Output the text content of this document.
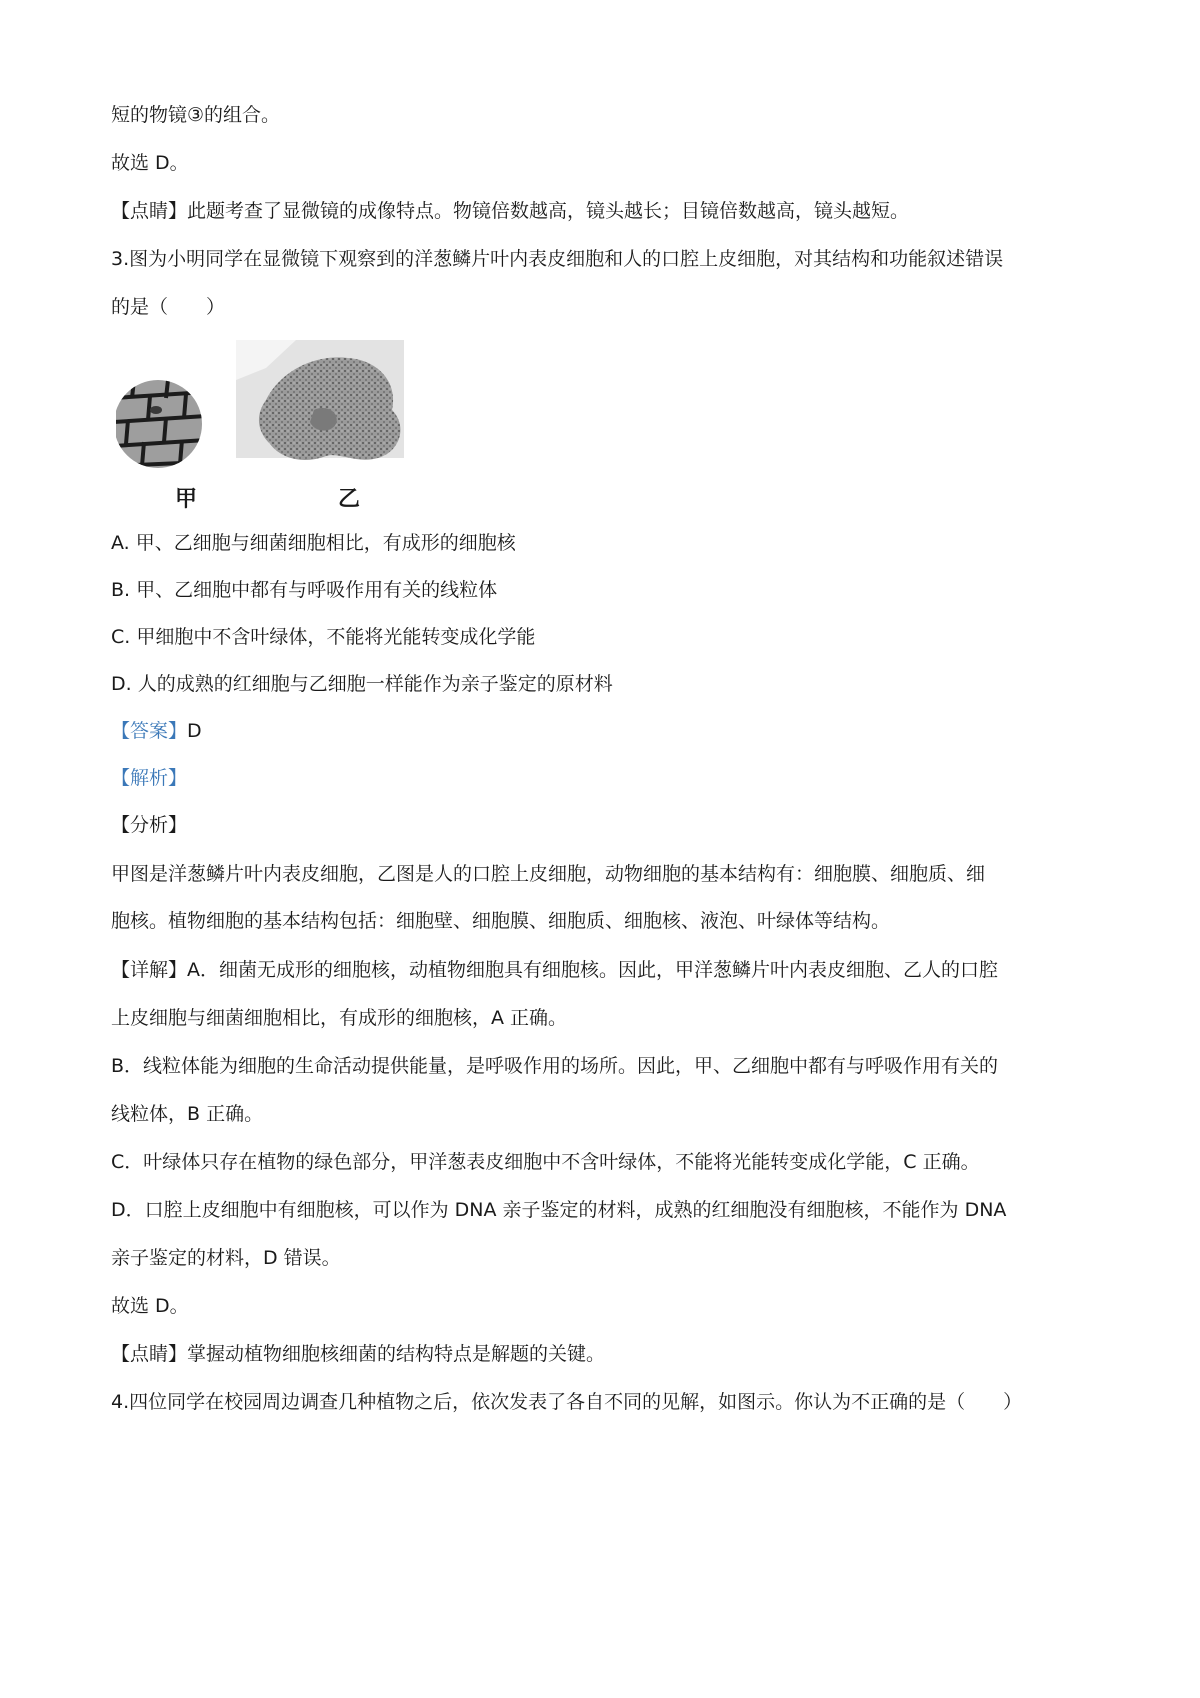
短的物镜③的组合。
故选 D。
【点睛】此题考查了显微镜的成像特点。物镜倍数越高，镜头越长；目镜倍数越高，镜头越短。
3.图为小明同学在显微镜下观察到的洋葱鳞片叶内表皮细胞和人的口腔上皮细胞，对其结构和功能叙述错误
的是（　　）
甲	乙
A. 甲、乙细胞与细菌细胞相比，有成形的细胞核
B. 甲、乙细胞中都有与呼吸作用有关的线粒体
C. 甲细胞中不含叶绿体，不能将光能转变成化学能
D. 人的成熟的红细胞与乙细胞一样能作为亲子鉴定的原材料
【答案】D
【解析】
【分析】
甲图是洋葱鳞片叶内表皮细胞，乙图是人的口腔上皮细胞，动物细胞的基本结构有：细胞膜、细胞质、细
胞核。植物细胞的基本结构包括：细胞壁、细胞膜、细胞质、细胞核、液泡、叶绿体等结构。
【详解】A．细菌无成形的细胞核，动植物细胞具有细胞核。因此，甲洋葱鳞片叶内表皮细胞、乙人的口腔
上皮细胞与细菌细胞相比，有成形的细胞核，A 正确。
B．线粒体能为细胞的生命活动提供能量，是呼吸作用的场所。因此，甲、乙细胞中都有与呼吸作用有关的
线粒体，B 正确。
C．叶绿体只存在植物的绿色部分，甲洋葱表皮细胞中不含叶绿体，不能将光能转变成化学能，C 正确。
D．口腔上皮细胞中有细胞核，可以作为 DNA 亲子鉴定的材料，成熟的红细胞没有细胞核，不能作为 DNA
亲子鉴定的材料，D 错误。
故选 D。
【点睛】掌握动植物细胞核细菌的结构特点是解题的关键。
4.四位同学在校园周边调查几种植物之后，依次发表了各自不同的见解，如图示。你认为不正确的是（　　）
